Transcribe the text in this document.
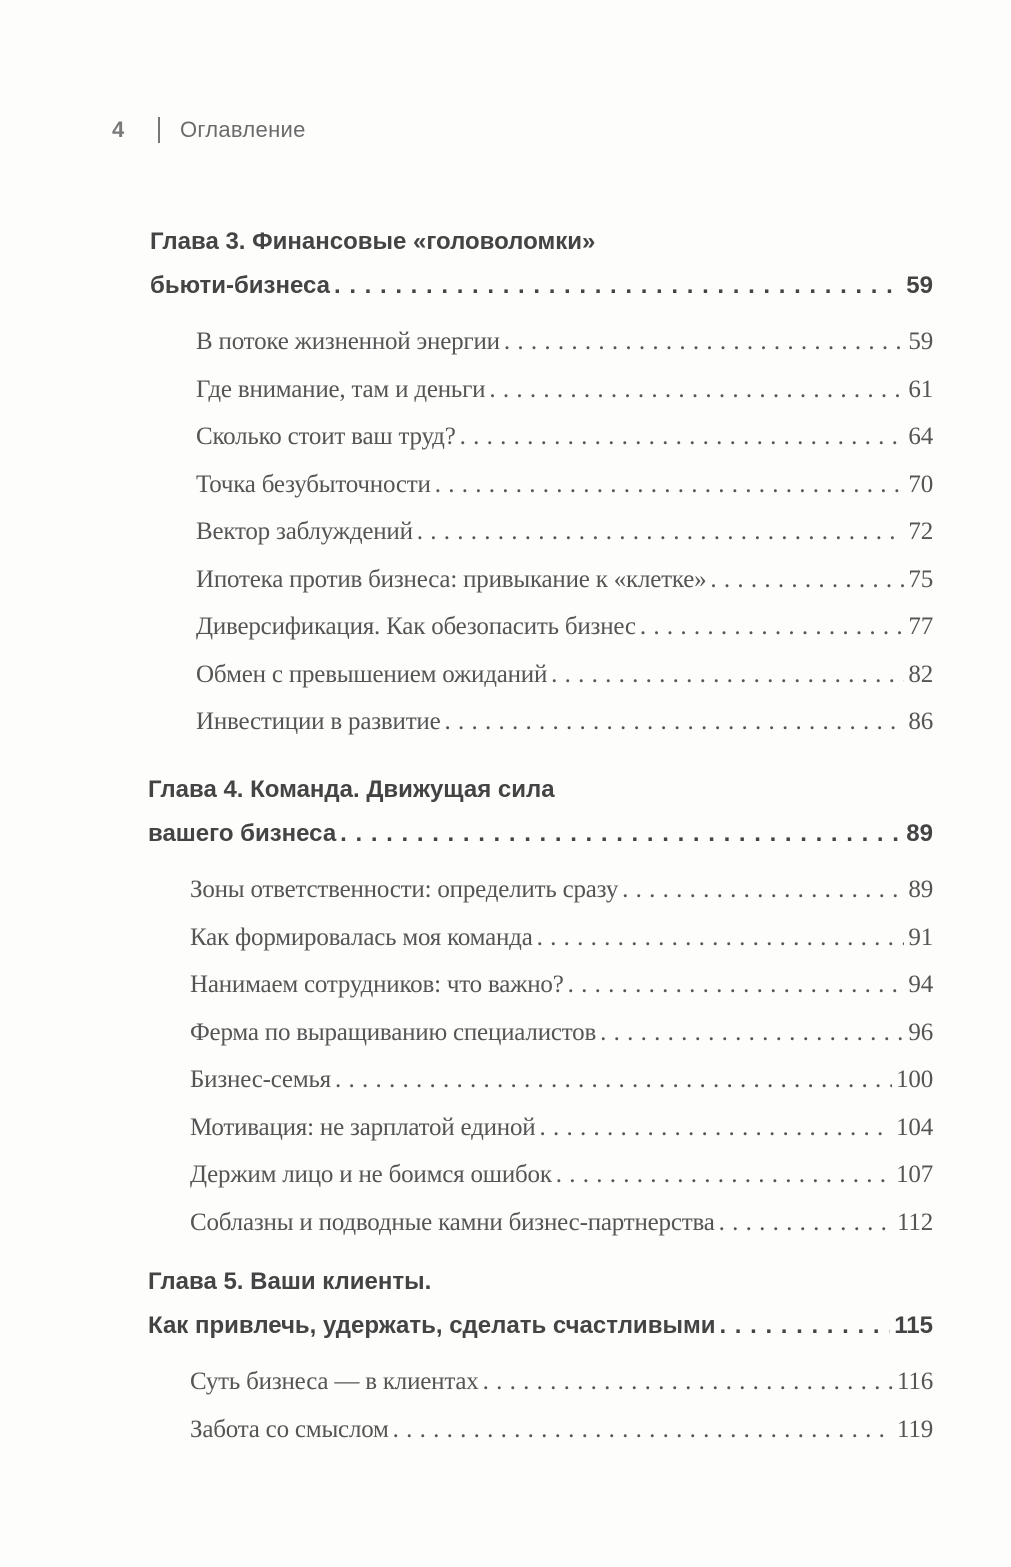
4	Оглавление
Глава 3. Финансовые «головоломки»
бьюти-бизнеса . . .	59
В потоке жизненной энергии . . .	59
Где внимание, там и деньги . . .	61
Сколько стоит ваш труд? . . .	64
Точка безубыточности . . .	70
Вектор заблуждений . . .	72
Ипотека против бизнеса: привыкание к «клетке» . . .	75
Диверсификация. Как обезопасить бизнес . . .	77
Обмен с превышением ожиданий . . .	82
Инвестиции в развитие . . .	86
Глава 4. Команда. Движущая сила
вашего бизнеса . . .	89
Зоны ответственности: определить сразу . . .	89
Как формировалась моя команда . . .	91
Нанимаем сотрудников: что важно? . . .	94
Ферма по выращиванию специалистов . . .	96
Бизнес-семья . . .	100
Мотивация: не зарплатой единой . . .	104
Держим лицо и не боимся ошибок . . .	107
Соблазны и подводные камни бизнес-партнерства . . .	112
Глава 5. Ваши клиенты.
Как привлечь, удержать, сделать счастливыми . . .	115
Суть бизнеса — в клиентах . . .	116
Забота со смыслом . . .	119
